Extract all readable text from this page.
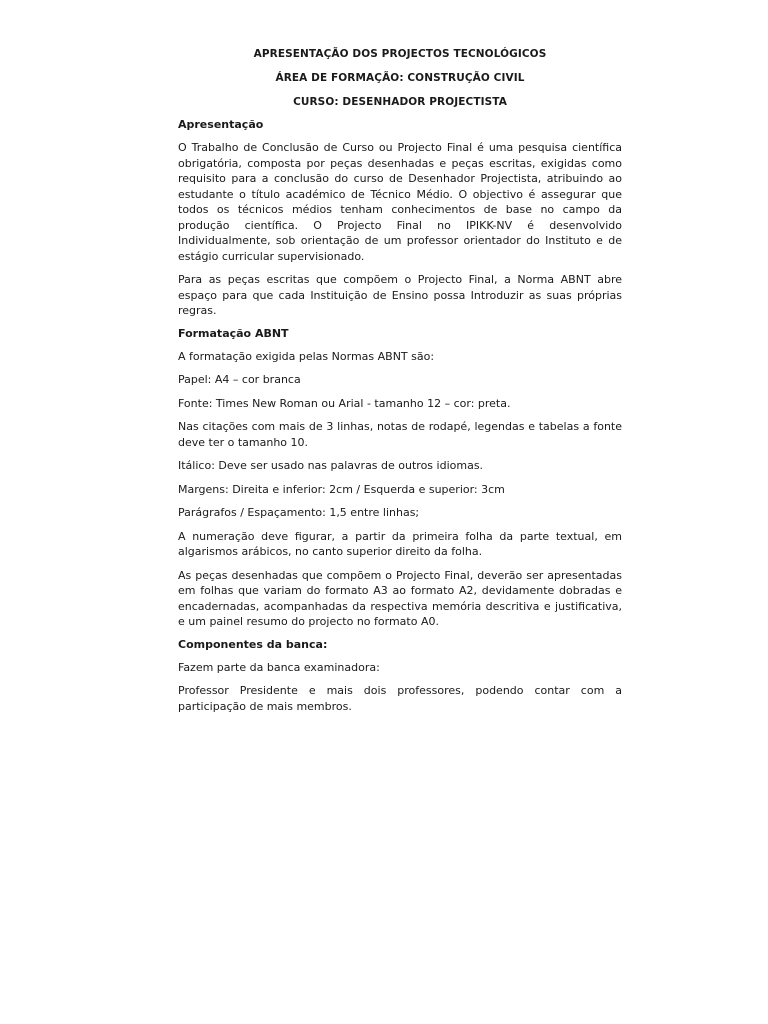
APRESENTAÇÃO DOS PROJECTOS TECNOLÓGICOS
ÁREA DE FORMAÇÃO: CONSTRUÇÃO CIVIL
CURSO: DESENHADOR PROJECTISTA
Apresentação
O Trabalho de Conclusão de Curso ou Projecto Final é uma pesquisa científica obrigatória, composta por peças desenhadas e peças escritas, exigidas como requisito para a conclusão do curso de Desenhador Projectista, atribuindo ao estudante o título académico de Técnico Médio. O objectivo é assegurar que todos os técnicos médios tenham conhecimentos de base no campo da produção científica. O Projecto Final no IPIKK-NV é desenvolvido Individualmente, sob orientação de um professor orientador do Instituto e de estágio curricular supervisionado.
Para as peças escritas que compõem o Projecto Final, a Norma ABNT abre espaço para que cada Instituição de Ensino possa Introduzir as suas próprias regras.
Formatação ABNT
A formatação exigida pelas Normas ABNT são:
Papel: A4 – cor branca
Fonte: Times New Roman ou Arial - tamanho 12 – cor: preta.
Nas citações com mais de 3 linhas, notas de rodapé, legendas e tabelas a fonte deve ter o tamanho 10.
Itálico: Deve ser usado nas palavras de outros idiomas.
Margens: Direita e inferior: 2cm / Esquerda e superior: 3cm
Parágrafos / Espaçamento: 1,5 entre linhas;
A numeração deve figurar, a partir da primeira folha da parte textual, em algarismos arábicos, no canto superior direito da folha.
As peças desenhadas que compõem o Projecto Final, deverão ser apresentadas em folhas que variam do formato A3 ao formato A2, devidamente dobradas e encadernadas, acompanhadas da respectiva memória descritiva e justificativa, e um painel resumo do projecto no formato A0.
Componentes da banca:
Fazem parte da banca examinadora:
Professor Presidente e mais dois professores, podendo contar com a participação de mais membros.
